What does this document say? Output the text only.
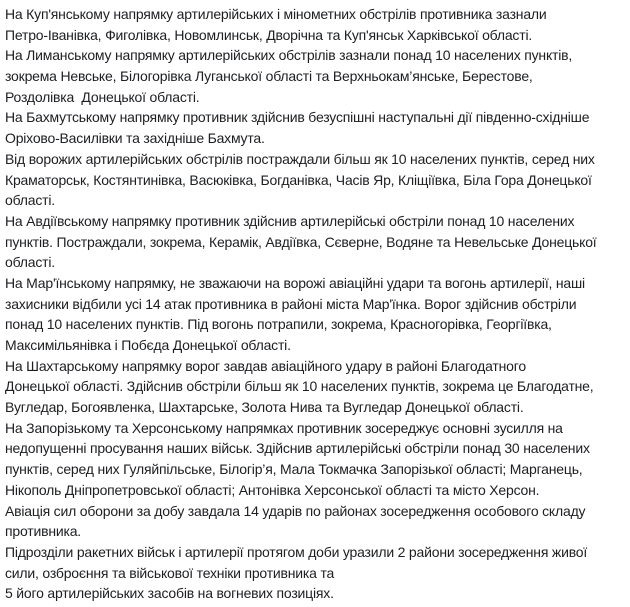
На Куп'янському напрямку артилерійських і мінометних обстрілів противника зазнали
Петро-Іванівка, Фиголівка, Новомлинськ, Дворічна та Куп'янськ Харківської області.
На Лиманському напрямку артилерійських обстрілів зазнали понад 10 населених пунктів,
зокрема Невське, Білогорівка Луганської області та Верхньокам’янське, Берестове,
Роздолівка  Донецької області.
На Бахмутському напрямку противник здійснив безуспішні наступальні дії південно-східніше
Оріхово-Василівки та західніше Бахмута.
Від ворожих артилерійських обстрілів постраждали більш як 10 населених пунктів, серед них
Краматорськ, Костянтинівка, Васюківка, Богданівка, Часів Яр, Кліщіївка, Біла Гора Донецької
області.
На Авдіївському напрямку противник здійснив артилерійські обстріли понад 10 населених
пунктів. Постраждали, зокрема, Керамік, Авдіївка, Сєверне, Водяне та Невельське Донецької
області.
На Мар'їнському напрямку, не зважаючи на ворожі авіаційні удари та вогонь артилерії, наші
захисники відбили усі 14 атак противника в районі міста Мар'їнка. Ворог здійснив обстріли
понад 10 населених пунктів. Під вогонь потрапили, зокрема, Красногорівка, Георгіївка,
Максимільянівка і Побєда Донецької області.
На Шахтарському напрямку ворог завдав авіаційного удару в районі Благодатного
Донецької області. Здійснив обстріли більш як 10 населених пунктів, зокрема це Благодатне,
Вугледар, Богоявленка, Шахтарське, Золота Нива та Вугледар Донецької області.
На Запорізькому та Херсонському напрямках противник зосереджує основні зусилля на
недопущенні просування наших військ. Здійснив артилерійські обстріли понад 30 населених
пунктів, серед них Гуляйпільське, Білогір’я, Мала Токмачка Запорізької області; Марганець,
Нікополь Дніпропетровської області; Антонівка Херсонської області та місто Херсон.
Авіація сил оборони за добу завдала 14 ударів по районах зосередження особового складу
противника.
Підрозділи ракетних військ і артилерії протягом доби уразили 2 райони зосередження живої
сили, озброєння та військової техніки противника та
5 його артилерійських засобів на вогневих позиціях.
